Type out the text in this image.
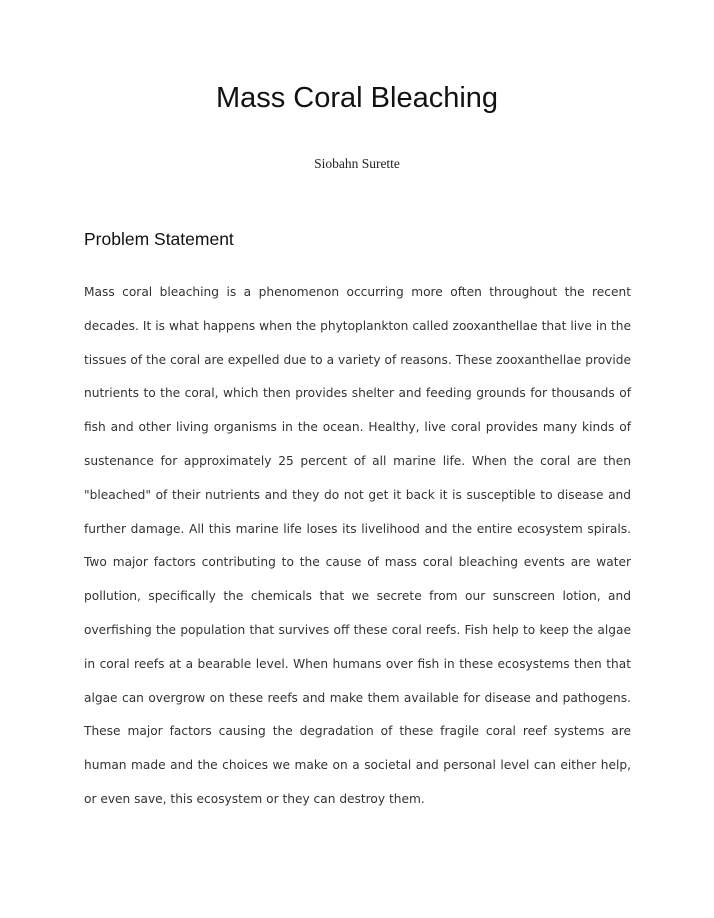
Mass Coral Bleaching
Siobahn Surette
Problem Statement

Mass coral bleaching is a phenomenon occurring more often throughout the recent decades. It is what happens when the phytoplankton called zooxanthellae that live in the tissues of the coral are expelled due to a variety of reasons. These zooxanthellae provide nutrients to the coral, which then provides shelter and feeding grounds for thousands of fish and other living organisms in the ocean. Healthy, live coral provides many kinds of sustenance for approximately 25 percent of all marine life. When the coral are then "bleached" of their nutrients and they do not get it back it is susceptible to disease and further damage. All this marine life loses its livelihood and the entire ecosystem spirals. Two major factors contributing to the cause of mass coral bleaching events are water pollution, specifically the chemicals that we secrete from our sunscreen lotion, and overfishing the population that survives off these coral reefs. Fish help to keep the algae in coral reefs at a bearable level. When humans over fish in these ecosystems then that algae can overgrow on these reefs and make them available for disease and pathogens. These major factors causing the degradation of these fragile coral reef systems are human made and the choices we make on a societal and personal level can either help, or even save, this ecosystem or they can destroy them.
